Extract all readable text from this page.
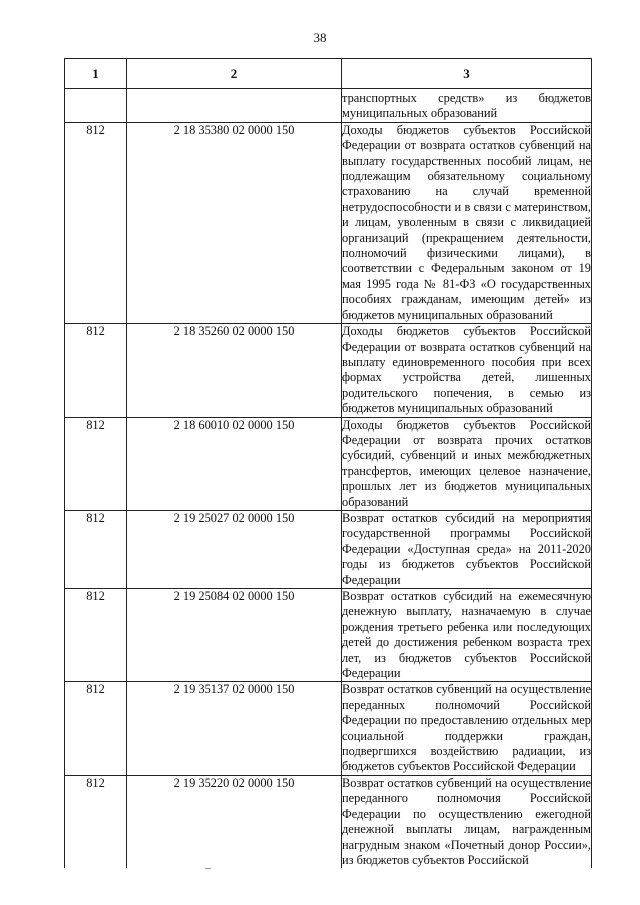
38
1	2	3
		транспортных средств» из бюджетов муниципальных образований
812	2 18 35380 02 0000 150	Доходы бюджетов субъектов Российской Федерации от возврата остатков субвенций на выплату государственных пособий лицам, не подлежащим обязательному социальному страхованию на случай временной нетрудоспособности и в связи с материнством, и лицам, уволенным в связи с ликвидацией организаций (прекращением деятельности, полномочий физическими лицами), в соответствии с Федеральным законом от 19 мая 1995 года № 81-ФЗ «О государственных пособиях гражданам, имеющим детей» из бюджетов муниципальных образований
812	2 18 35260 02 0000 150	Доходы бюджетов субъектов Российской Федерации от возврата остатков субвенций на выплату единовременного пособия при всех формах устройства детей, лишенных родительского попечения, в семью из бюджетов муниципальных образований
812	2 18 60010 02 0000 150	Доходы бюджетов субъектов Российской Федерации от возврата прочих остатков субсидий, субвенций и иных межбюджетных трансфертов, имеющих целевое назначение, прошлых лет из бюджетов муниципальных образований
812	2 19 25027 02 0000 150	Возврат остатков субсидий на мероприятия государственной программы Российской Федерации «Доступная среда» на 2011-2020 годы из бюджетов субъектов Российской Федерации
812	2 19 25084 02 0000 150	Возврат остатков субсидий на ежемесячную денежную выплату, назначаемую в случае рождения третьего ребенка или последующих детей до достижения ребенком возраста трех лет, из бюджетов субъектов Российской Федерации
812	2 19 35137 02 0000 150	Возврат остатков субвенций на осуществление переданных полномочий Российской Федерации по предоставлению отдельных мер социальной поддержки граждан, подвергшихся воздействию радиации, из бюджетов субъектов Российской Федерации
812	2 19 35220 02 0000 150	Возврат остатков субвенций на осуществление переданного полномочия Российской Федерации по осуществлению ежегодной денежной выплаты лицам, награжденным нагрудным знаком «Почетный донор России», из бюджетов субъектов Российской
